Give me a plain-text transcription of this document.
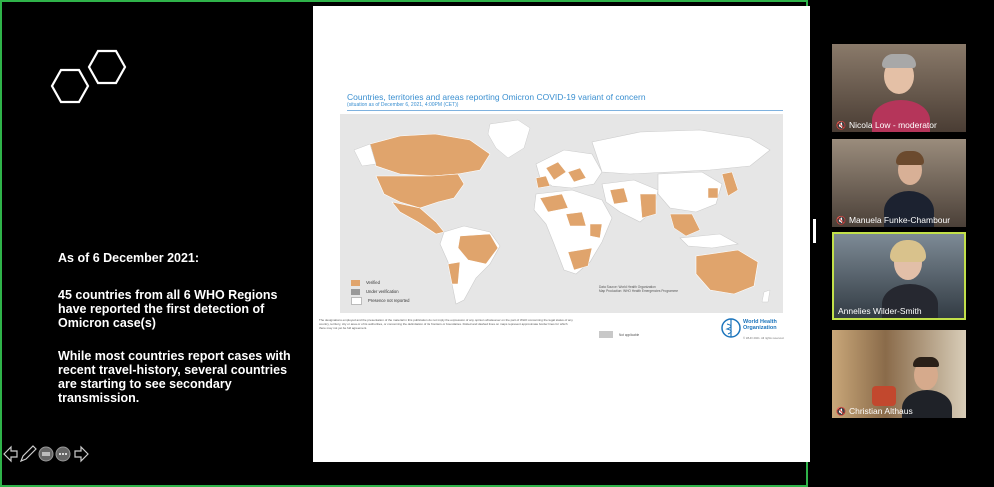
As of 6 December 2021:
45 countries from all 6 WHO Regions have reported the first detection of Omicron case(s)
While most countries report cases with recent travel-history, several countries are starting to see secondary transmission.
Countries, territories and areas reporting Omicron COVID-19 variant of concern
(situation as of December 6, 2021, 4:00PM (CET))
Verified
Under verification
Presence not reported
The designations employed and the presentation of the material in this publication do not imply the expression of any opinion whatsoever on the part of WHO concerning the legal status of any country, territory, city or area or of its authorities, or concerning the delimitation of its frontiers or boundaries. Dotted and dashed lines on maps represent approximate border lines for which there may not yet be full agreement.
Data Source: World Health Organization
Map Production: WHO Health Emergencies Programme
Not applicable
World Health
Organization
© WHO 2021. All rights reserved.
🔇 Nicola Low - moderator
🔇 Manuela Funke-Chambour
Annelies Wilder-Smith
🔇 Christian Althaus
